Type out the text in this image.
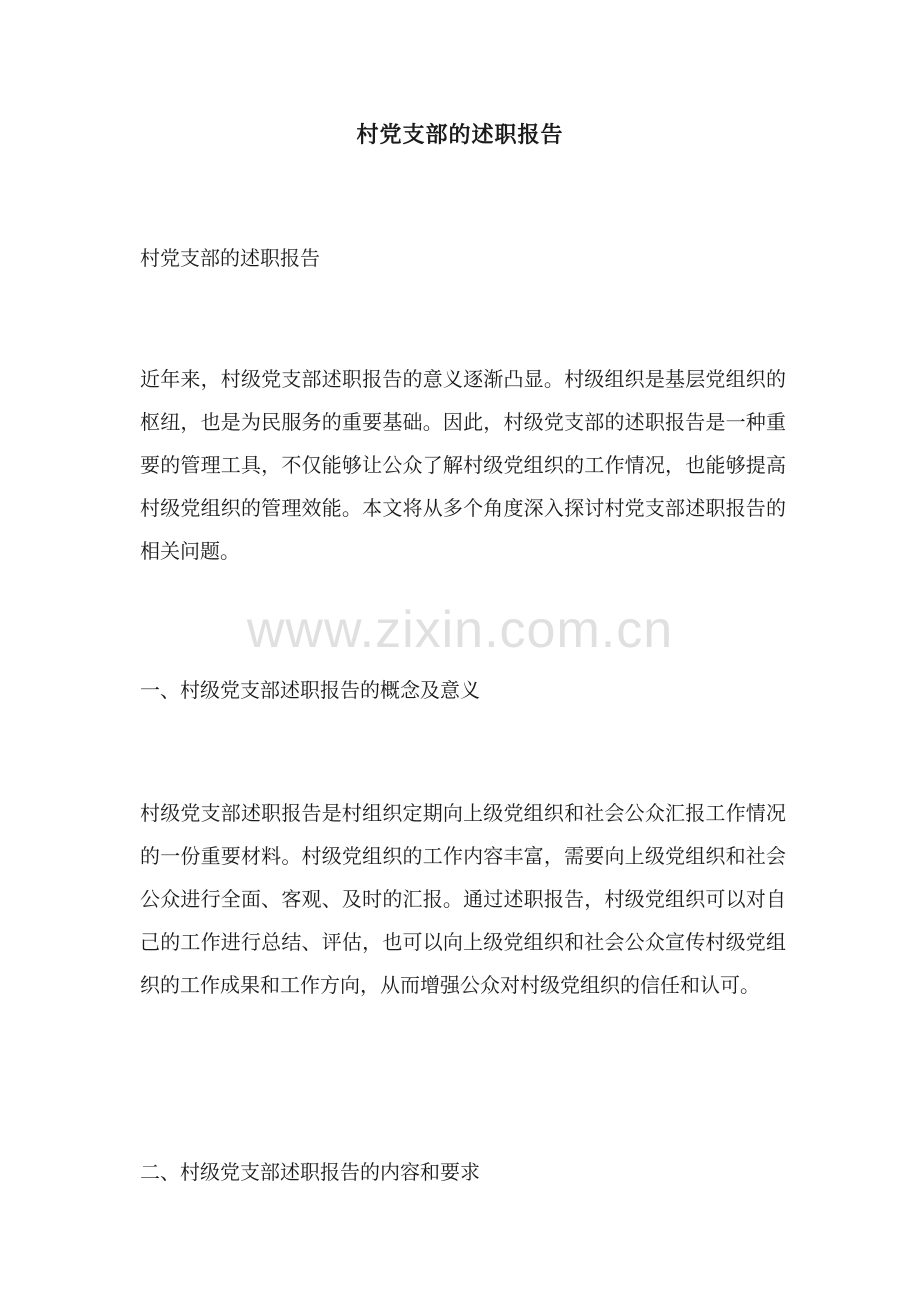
村党支部的述职报告
村党支部的述职报告
近年来，村级党支部述职报告的意义逐渐凸显。村级组织是基层党组织的枢纽，也是为民服务的重要基础。因此，村级党支部的述职报告是一种重要的管理工具，不仅能够让公众了解村级党组织的工作情况，也能够提高村级党组织的管理效能。本文将从多个角度深入探讨村党支部述职报告的相关问题。
www.zixin.com.cn
一、村级党支部述职报告的概念及意义
村级党支部述职报告是村组织定期向上级党组织和社会公众汇报工作情况的一份重要材料。村级党组织的工作内容丰富，需要向上级党组织和社会公众进行全面、客观、及时的汇报。通过述职报告，村级党组织可以对自己的工作进行总结、评估，也可以向上级党组织和社会公众宣传村级党组织的工作成果和工作方向，从而增强公众对村级党组织的信任和认可。
二、村级党支部述职报告的内容和要求
